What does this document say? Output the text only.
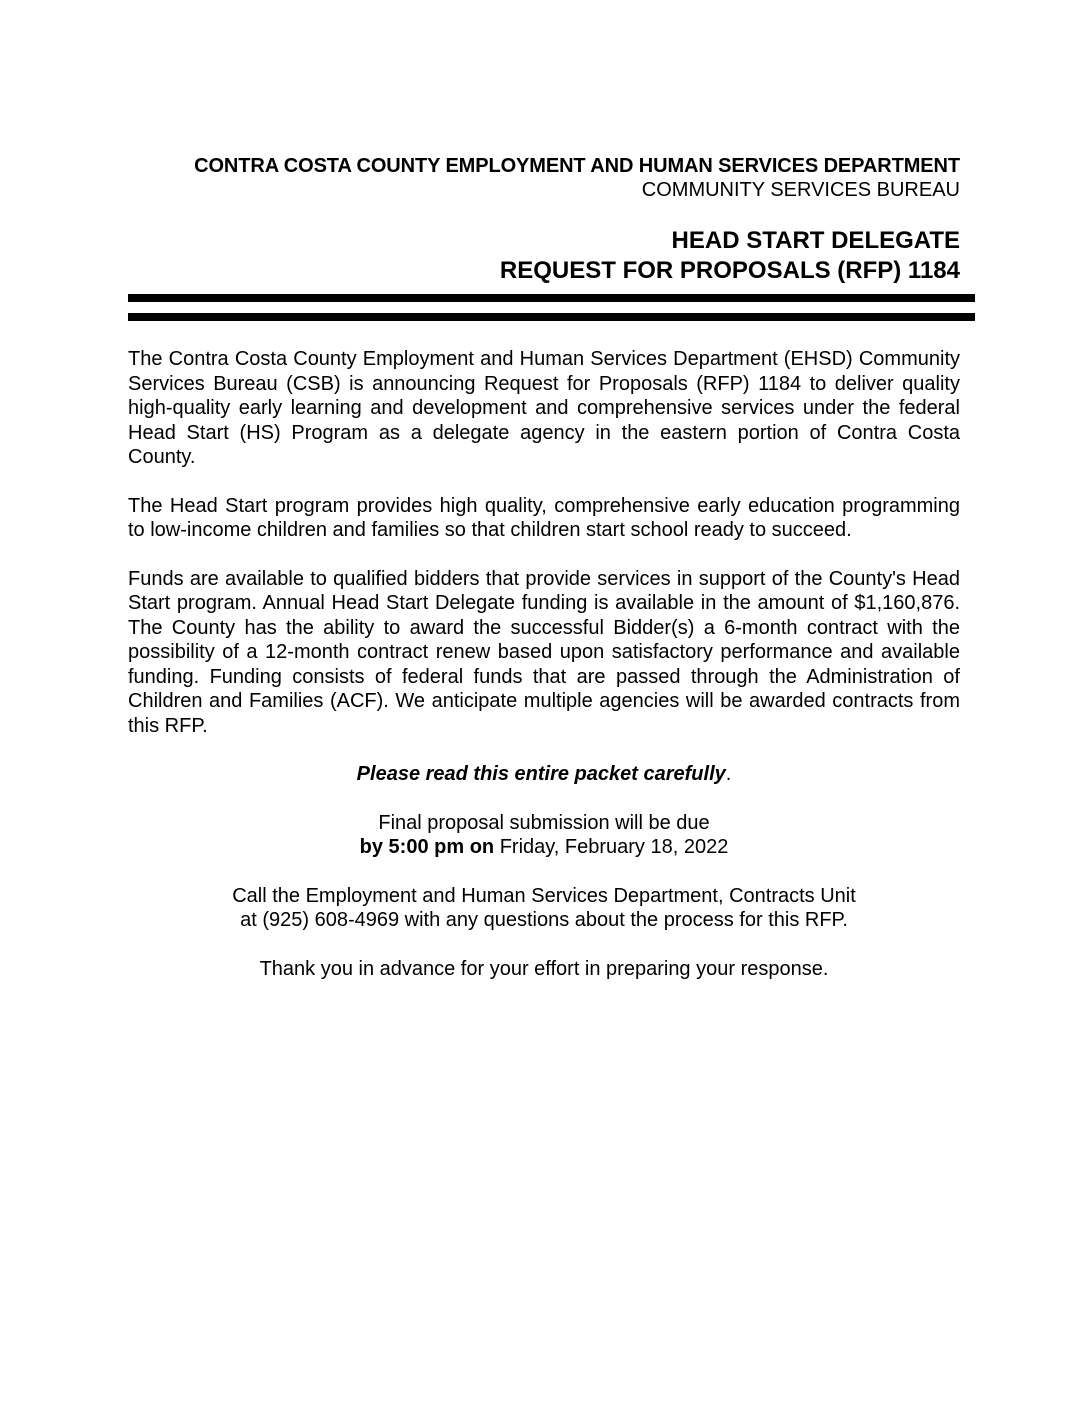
CONTRA COSTA COUNTY EMPLOYMENT AND HUMAN SERVICES DEPARTMENT
COMMUNITY SERVICES BUREAU
HEAD START DELEGATE
REQUEST FOR PROPOSALS (RFP) 1184

The Contra Costa County Employment and Human Services Department (EHSD) Community Services Bureau (CSB) is announcing Request for Proposals (RFP) 1184 to deliver quality high-quality early learning and development and comprehensive services under the federal Head Start (HS) Program as a delegate agency in the eastern portion of Contra Costa County.

The Head Start program provides high quality, comprehensive early education programming to low-income children and families so that children start school ready to succeed.

Funds are available to qualified bidders that provide services in support of the County's Head Start program. Annual Head Start Delegate funding is available in the amount of $1,160,876. The County has the ability to award the successful Bidder(s) a 6-month contract with the possibility of a 12-month contract renew based upon satisfactory performance and available funding. Funding consists of federal funds that are passed through the Administration of Children and Families (ACF). We anticipate multiple agencies will be awarded contracts from this RFP.

Please read this entire packet carefully.
Final proposal submission will be due
by 5:00 pm on Friday, February 18, 2022
Call the Employment and Human Services Department, Contracts Unit
at (925) 608-4969 with any questions about the process for this RFP.
Thank you in advance for your effort in preparing your response.
